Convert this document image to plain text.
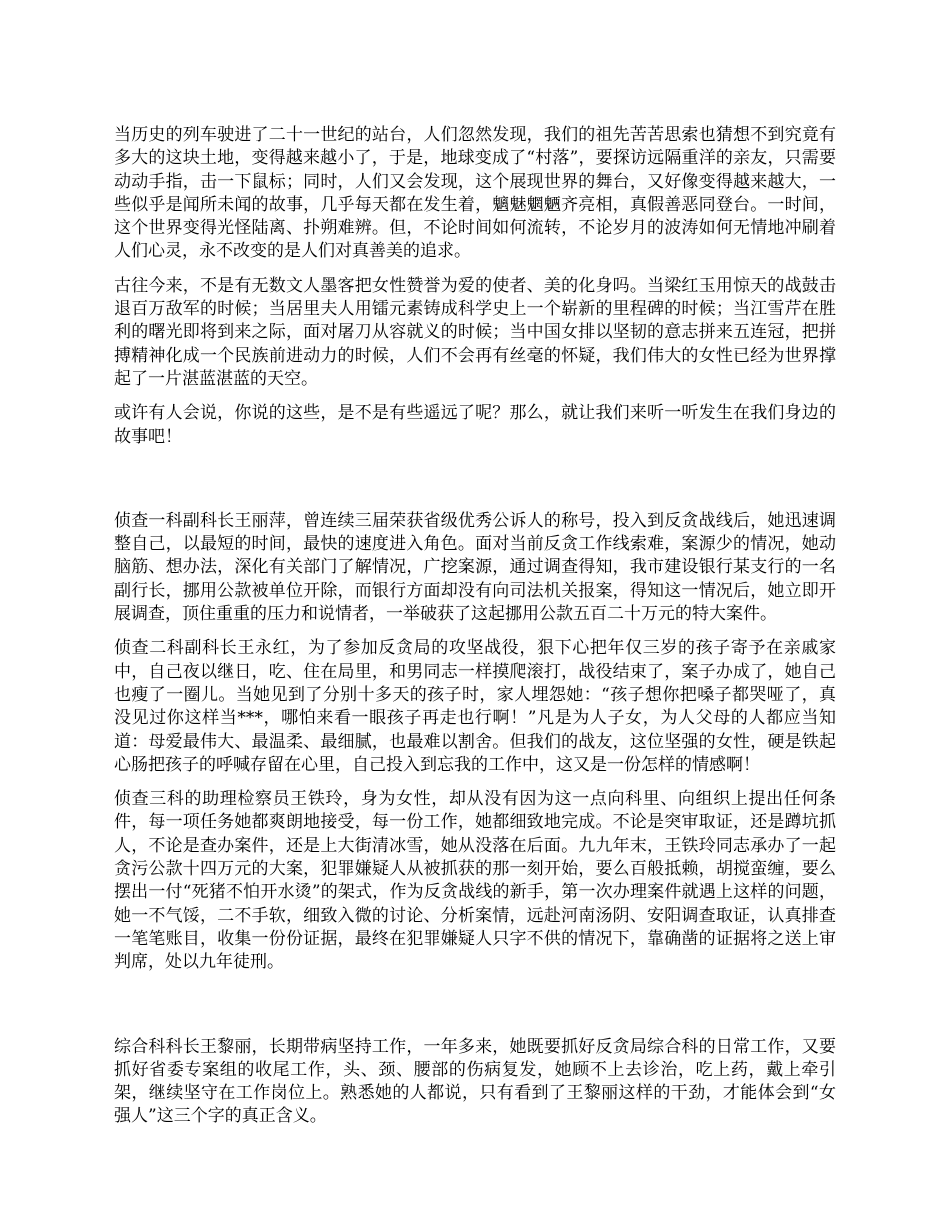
当历史的列车驶进了二十一世纪的站台，人们忽然发现，我们的祖先苦苦思索也猜想不到究竟有多大的这块土地，变得越来越小了，于是，地球变成了“村落”，要探访远隔重洋的亲友，只需要动动手指，击一下鼠标；同时，人们又会发现，这个展现世界的舞台，又好像变得越来越大，一些似乎是闻所未闻的故事，几乎每天都在发生着，魑魅魍魉齐亮相，真假善恶同登台。一时间，这个世界变得光怪陆离、扑朔难辨。但，不论时间如何流转，不论岁月的波涛如何无情地冲刷着人们心灵，永不改变的是人们对真善美的追求。

古往今来，不是有无数文人墨客把女性赞誉为爱的使者、美的化身吗。当梁红玉用惊天的战鼓击退百万敌军的时候；当居里夫人用镭元素铸成科学史上一个崭新的里程碑的时候；当江雪芹在胜利的曙光即将到来之际，面对屠刀从容就义的时候；当中国女排以坚韧的意志拼来五连冠，把拼搏精神化成一个民族前进动力的时候，人们不会再有丝毫的怀疑，我们伟大的女性已经为世界撑起了一片湛蓝湛蓝的天空。

或许有人会说，你说的这些，是不是有些遥远了呢？那么，就让我们来听一听发生在我们身边的故事吧！

侦查一科副科长王丽萍，曾连续三届荣获省级优秀公诉人的称号，投入到反贪战线后，她迅速调整自己，以最短的时间，最快的速度进入角色。面对当前反贪工作线索难，案源少的情况，她动脑筋、想办法，深化有关部门了解情况，广挖案源，通过调查得知，我市建设银行某支行的一名副行长，挪用公款被单位开除，而银行方面却没有向司法机关报案，得知这一情况后，她立即开展调查，顶住重重的压力和说情者，一举破获了这起挪用公款五百二十万元的特大案件。

侦查二科副科长王永红，为了参加反贪局的攻坚战役，狠下心把年仅三岁的孩子寄予在亲戚家中，自己夜以继日，吃、住在局里，和男同志一样摸爬滚打，战役结束了，案子办成了，她自己也瘦了一圈儿。当她见到了分别十多天的孩子时，家人埋怨她：“孩子想你把嗓子都哭哑了，真没见过你这样当***，哪怕来看一眼孩子再走也行啊！”凡是为人子女，为人父母的人都应当知道：母爱最伟大、最温柔、最细腻，也最难以割舍。但我们的战友，这位坚强的女性，硬是铁起心肠把孩子的呼喊存留在心里，自己投入到忘我的工作中，这又是一份怎样的情感啊！

侦查三科的助理检察员王铁玲，身为女性，却从没有因为这一点向科里、向组织上提出任何条件，每一项任务她都爽朗地接受，每一份工作，她都细致地完成。不论是突审取证，还是蹲坑抓人，不论是查办案件，还是上大街清冰雪，她从没落在后面。九九年末，王铁玲同志承办了一起贪污公款十四万元的大案，犯罪嫌疑人从被抓获的那一刻开始，要么百般抵赖，胡搅蛮缠，要么摆出一付“死猪不怕开水烫”的架式，作为反贪战线的新手，第一次办理案件就遇上这样的问题，她一不气馁，二不手软，细致入微的讨论、分析案情，远赴河南汤阴、安阳调查取证，认真排查一笔笔账目，收集一份份证据，最终在犯罪嫌疑人只字不供的情况下，靠确凿的证据将之送上审判席，处以九年徒刑。

综合科科长王黎丽，长期带病坚持工作，一年多来，她既要抓好反贪局综合科的日常工作，又要抓好省委专案组的收尾工作，头、颈、腰部的伤病复发，她顾不上去诊治，吃上药，戴上牵引架，继续坚守在工作岗位上。熟悉她的人都说，只有看到了王黎丽这样的干劲，才能体会到“女强人”这三个字的真正含义。
